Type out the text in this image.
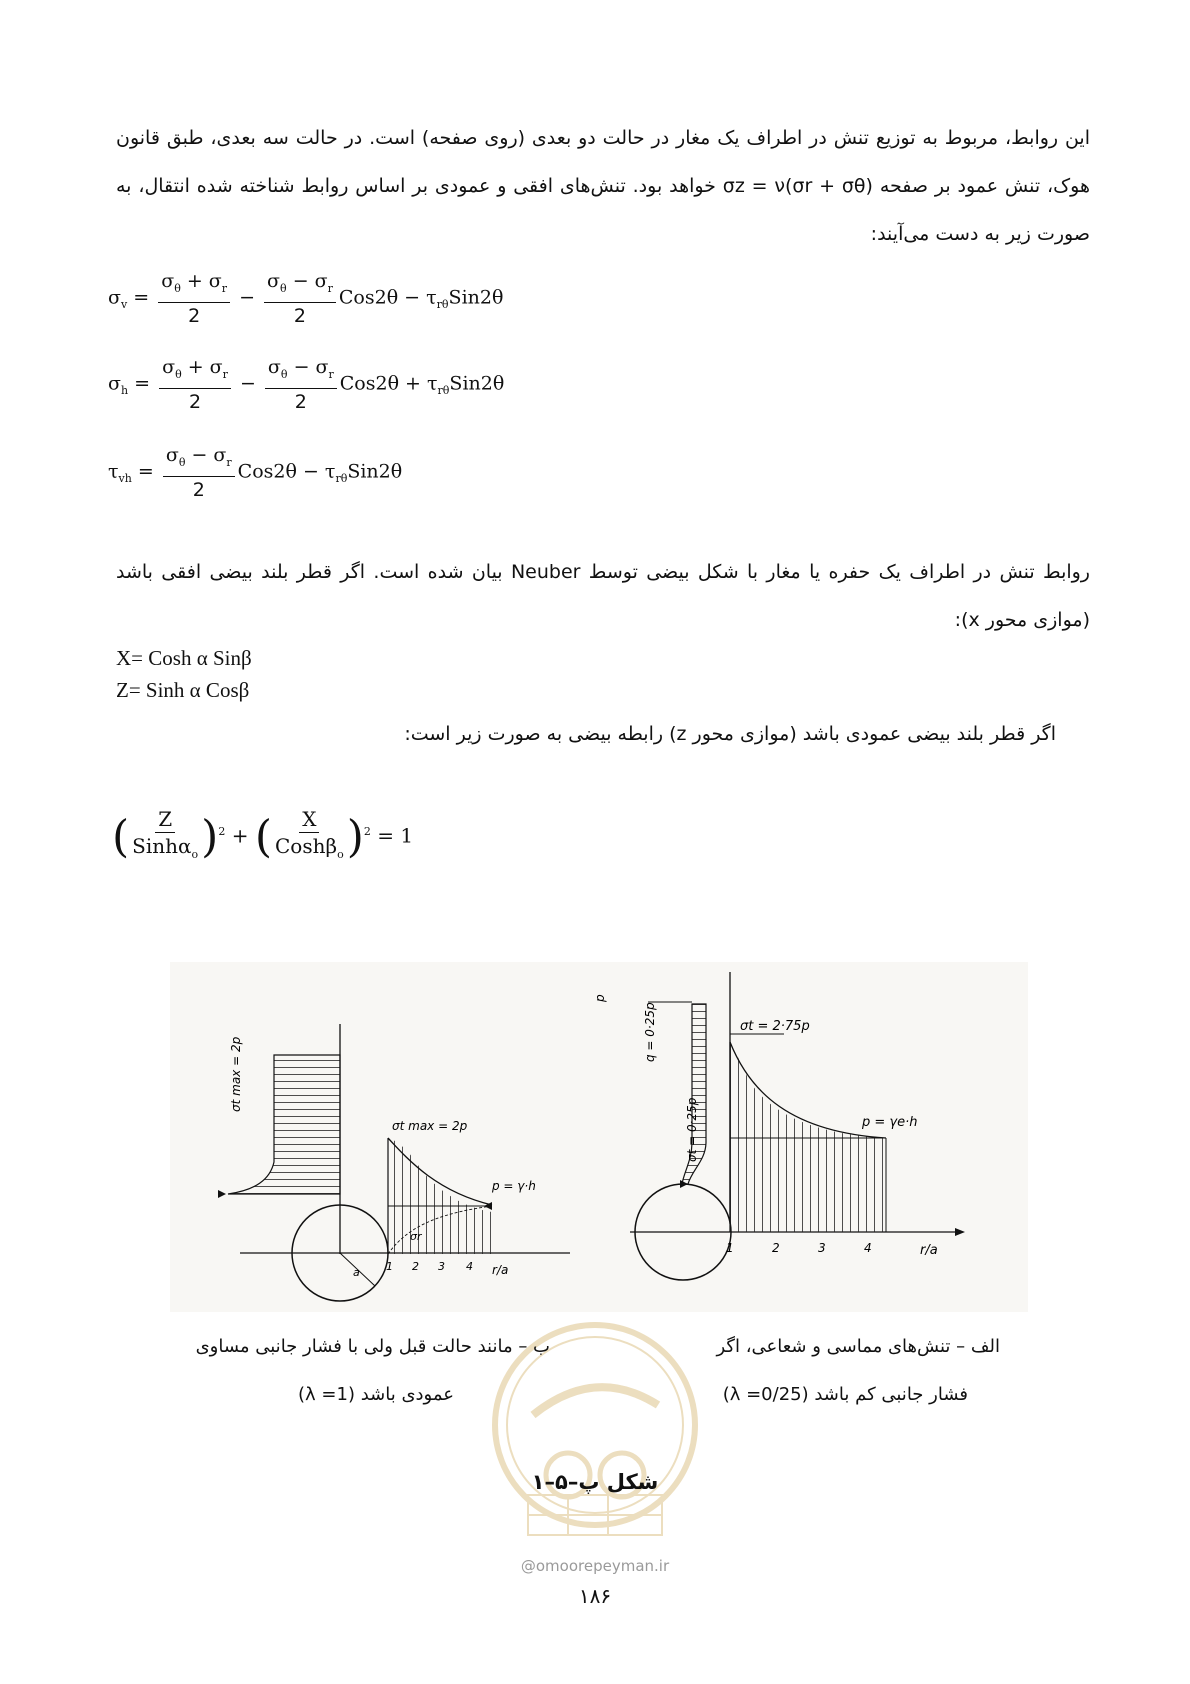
این روابط، مربوط به توزیع تنش در اطراف یک مغار در حالت دو بعدی (روی صفحه) است. در حالت سه بعدی، طبق قانون هوک، تنش عمود بر صفحه σz = ν(σr + σθ) خواهد بود. تنش‌های افقی و عمودی بر اساس روابط شناخته شده انتقال، به صورت زیر به دست می‌آیند:
$\sigma_v = \frac{\sigma_\theta + \sigma_r}{2} - \frac{\sigma_\theta - \sigma_r}{2} Cos2\theta - \tau_{r\theta}Sin2\theta$
$\sigma_h = \frac{\sigma_\theta + \sigma_r}{2} - \frac{\sigma_\theta - \sigma_r}{2} Cos2\theta + \tau_{r\theta}Sin2\theta$
$\tau_{vh} = \frac{\sigma_\theta - \sigma_r}{2} Cos2\theta - \tau_{r\theta}Sin2\theta$
روابط تنش در اطراف یک حفره یا مغار با شکل بیضی توسط Neuber بیان شده است. اگر قطر بلند بیضی افقی باشد (موازی محور x):
X= Cosh α Sinβ
Z= Sinh α Cosβ
اگر قطر بلند بیضی عمودی باشد (موازی محور z) رابطه بیضی به صورت زیر است:
( $\frac{Z}{Sinh\alpha_o} )^2$ + ( $\frac{X}{Cosh\beta_o} )^2 = 1$
a
σt max = 2p
σt max = 2p
p = γ·h
σr
1 2 3 4 r/a
p
q = 0·25p
σt = 0·25p
σt = 2·75p
p = γe·h
1	2	3	4	r/a
الف – تنش‌های مماسی و شعاعی، اگر
فشار جانبی کم باشد (λ =0/25)
ب – مانند حالت قبل ولی با فشار جانبی مساوی
عمودی باشد (λ =1)
شکل پ–۵–۱
@omoorepeyman.ir
۱۸۶
